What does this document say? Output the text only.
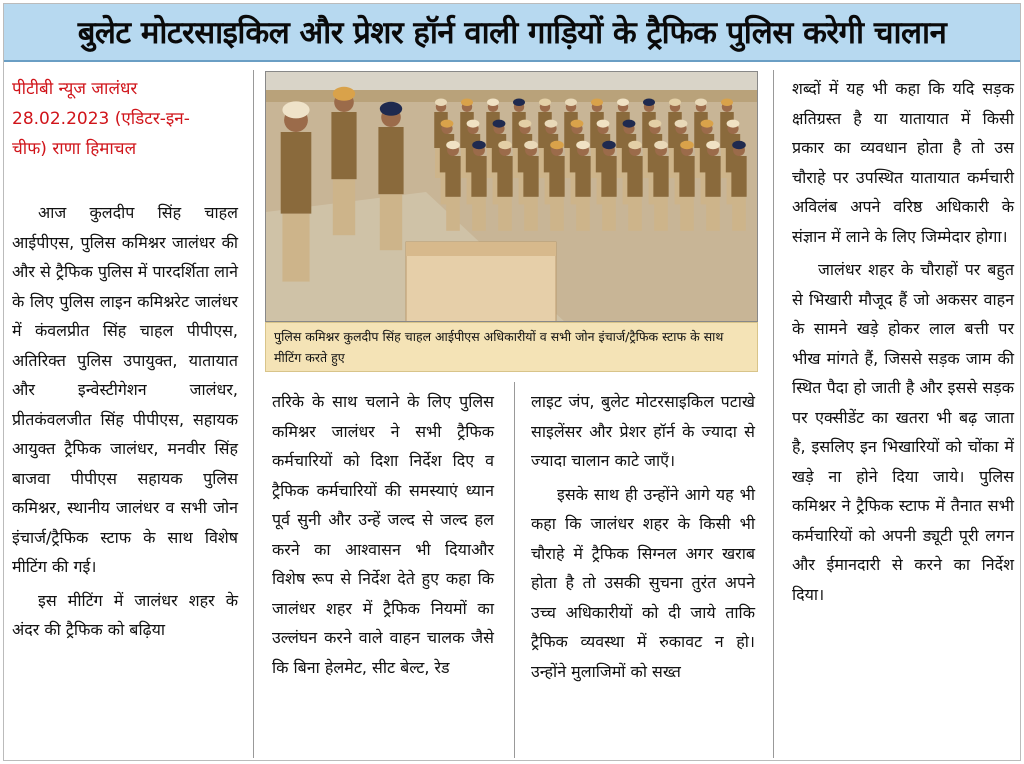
बुलेट मोटरसाइकिल और प्रेशर हॉर्न वाली गाड़ियों के ट्रैफिक पुलिस करेगी चालान
पीटीबी न्यूज जालंधर
28.02.2023 (एडिटर-इन-
चीफ) राणा हिमाचल

आज कुलदीप सिंह चाहल आईपीएस, पुलिस कमिश्नर जालंधर की और से ट्रैफिक पुलिस में पारदर्शिता लाने के लिए पुलिस लाइन कमिश्नरेट जालंधर में कंवलप्रीत सिंह चाहल पीपीएस, अतिरिक्त पुलिस उपायुक्त, यातायात और इन्वेस्टीगेशन जालंधर, प्रीतकंवलजीत सिंह पीपीएस, सहायक आयुक्त ट्रैफिक जालंधर, मनवीर सिंह बाजवा पीपीएस सहायक पुलिस कमिश्नर, स्थानीय जालंधर व सभी जोन इंचार्ज/ट्रैफिक स्टाफ के साथ विशेष मीटिंग की गई।

इस मीटिंग में जालंधर शहर के अंदर की ट्रैफिक को बढ़िया

पुलिस कमिश्नर कुलदीप सिंह चाहल आईपीएस अधिकारीयों व सभी जोन इंचार्ज/ट्रैफिक स्टाफ के साथ मीटिंग करते हुए

तरिके के साथ चलाने के लिए पुलिस कमिश्नर जालंधर ने सभी ट्रैफिक कर्मचारियों को दिशा निर्देश दिए व ट्रैफिक कर्मचारियों की समस्याएं ध्यान पूर्व सुनी और उन्हें जल्द से जल्द हल करने का आश्वासन भी दियाऔर विशेष रूप से निर्देश देते हुए कहा कि जालंधर शहर में ट्रैफिक नियमों का उल्लंघन करने वाले वाहन चालक जैसे कि बिना हेलमेट, सीट बेल्ट, रेड

लाइट जंप, बुलेट मोटरसाइकिल पटाखे साइलेंसर और प्रेशर हॉर्न के ज्यादा से ज्यादा चालान काटे जाएँ।

इसके साथ ही उन्होंने आगे यह भी कहा कि जालंधर शहर के किसी भी चौराहे में ट्रैफिक सिग्नल अगर खराब होता है तो उसकी सुचना तुरंत अपने उच्च अधिकारीयों को दी जाये ताकि ट्रैफिक व्यवस्था में रुकावट न हो। उन्होंने मुलाजिमों को सख्त

शब्दों में यह भी कहा कि यदि सड़क क्षतिग्रस्त है या यातायात में किसी प्रकार का व्यवधान होता है तो उस चौराहे पर उपस्थित यातायात कर्मचारी अविलंब अपने वरिष्ठ अधिकारी के संज्ञान में लाने के लिए जिम्मेदार होगा।

जालंधर शहर के चौराहों पर बहुत से भिखारी मौजूद हैं जो अकसर वाहन के सामने खड़े होकर लाल बत्ती पर भीख मांगते हैं, जिससे सड़क जाम की स्थित पैदा हो जाती है और इससे सड़क पर एक्सीडेंट का खतरा भी बढ़ जाता है, इसलिए इन भिखारियों को चोंका में खड़े ना होने दिया जाये। पुलिस कमिश्नर ने ट्रैफिक स्टाफ में तैनात सभी कर्मचारियों को अपनी ड्यूटी पूरी लगन और ईमानदारी से करने का निर्देश दिया।
